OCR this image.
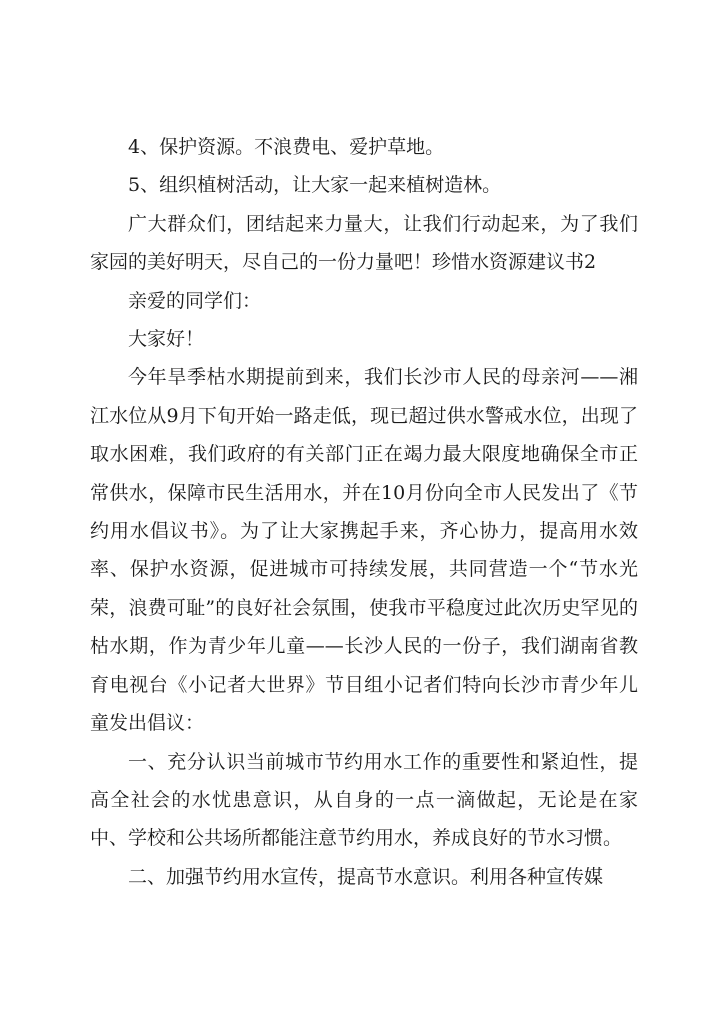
4、保护资源。不浪费电、爱护草地。

5、组织植树活动，让大家一起来植树造林。

广大群众们，团结起来力量大，让我们行动起来，为了我们家园的美好明天，尽自己的一份力量吧！珍惜水资源建议书2

亲爱的同学们：

大家好！

今年旱季枯水期提前到来，我们长沙市人民的母亲河——湘江水位从9月下旬开始一路走低，现已超过供水警戒水位，出现了取水困难，我们政府的有关部门正在竭力最大限度地确保全市正常供水，保障市民生活用水，并在10月份向全市人民发出了《节约用水倡议书》。为了让大家携起手来，齐心协力，提高用水效率、保护水资源，促进城市可持续发展，共同营造一个“节水光荣，浪费可耻”的良好社会氛围，使我市平稳度过此次历史罕见的枯水期，作为青少年儿童——长沙人民的一份子，我们湖南省教育电视台《小记者大世界》节目组小记者们特向长沙市青少年儿童发出倡议：

一、充分认识当前城市节约用水工作的重要性和紧迫性，提高全社会的水忧患意识，从自身的一点一滴做起，无论是在家中、学校和公共场所都能注意节约用水，养成良好的节水习惯。

二、加强节约用水宣传，提高节水意识。利用各种宣传媒
